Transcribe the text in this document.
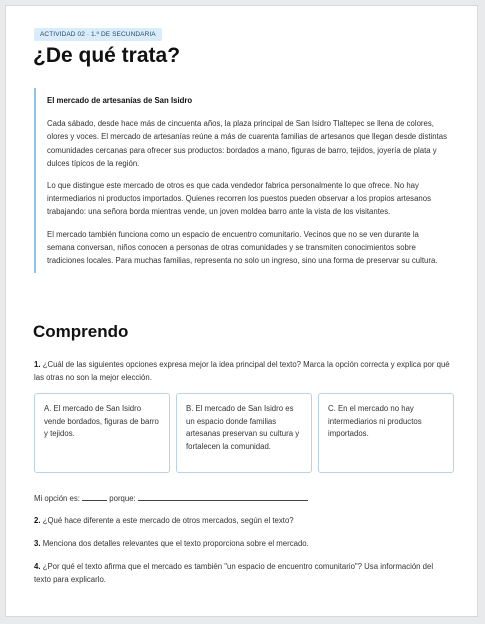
ACTIVIDAD 02 · 1.º DE SECUNDARIA
¿De qué trata?
El mercado de artesanías de San Isidro

Cada sábado, desde hace más de cincuenta años, la plaza principal de San Isidro Tlaltepec se llena de colores, olores y voces. El mercado de artesanías reúne a más de cuarenta familias de artesanos que llegan desde distintas comunidades cercanas para ofrecer sus productos: bordados a mano, figuras de barro, tejidos, joyería de plata y dulces típicos de la región.

Lo que distingue este mercado de otros es que cada vendedor fabrica personalmente lo que ofrece. No hay intermediarios ni productos importados. Quienes recorren los puestos pueden observar a los propios artesanos trabajando: una señora borda mientras vende, un joven moldea barro ante la vista de los visitantes.

El mercado también funciona como un espacio de encuentro comunitario. Vecinos que no se ven durante la semana conversan, niños conocen a personas de otras comunidades y se transmiten conocimientos sobre tradiciones locales. Para muchas familias, representa no solo un ingreso, sino una forma de preservar su cultura.

Comprendo

1. ¿Cuál de las siguientes opciones expresa mejor la idea principal del texto? Marca la opción correcta y explica por qué las otras no son la mejor elección.

A. El mercado de San Isidro vende bordados, figuras de barro y tejidos.
B. El mercado de San Isidro es un espacio donde familias artesanas preservan su cultura y fortalecen la comunidad.
C. En el mercado no hay intermediarios ni productos importados.
Mi opción es:	porque:

2. ¿Qué hace diferente a este mercado de otros mercados, según el texto?

3. Menciona dos detalles relevantes que el texto proporciona sobre el mercado.

4. ¿Por qué el texto afirma que el mercado es también "un espacio de encuentro comunitario"? Usa información del texto para explicarlo.
